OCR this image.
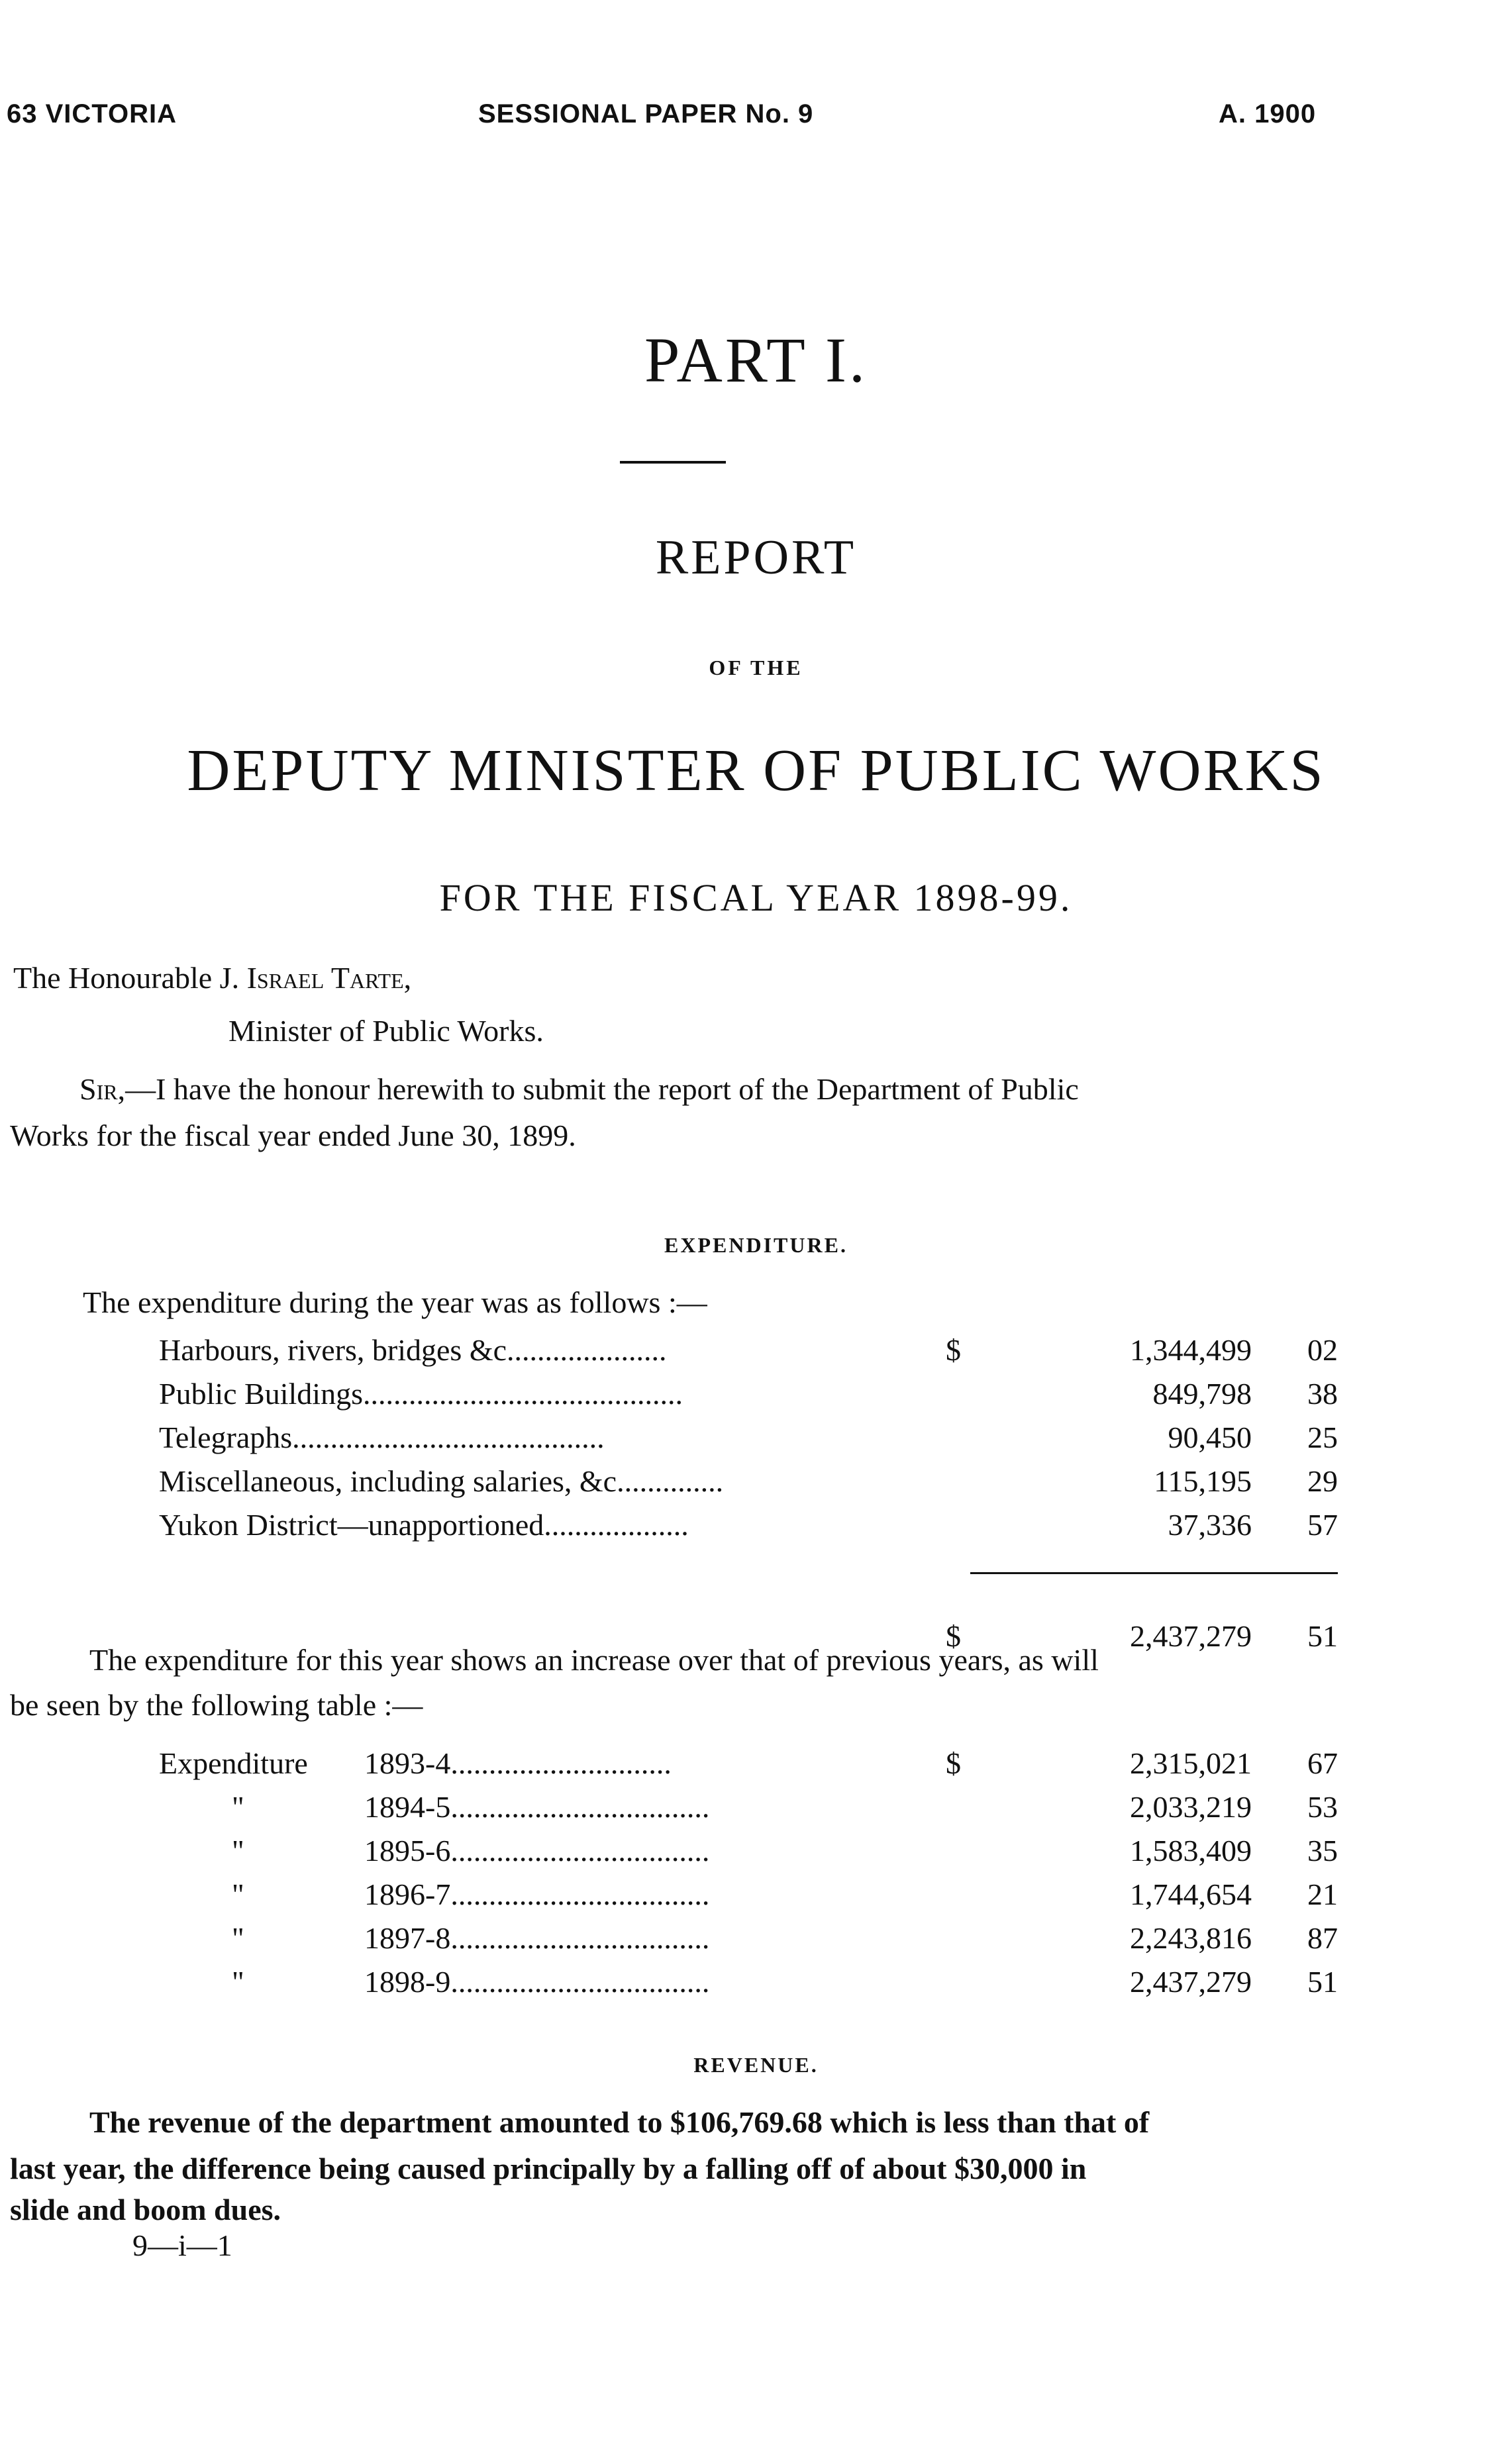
63 VICTORIA	SESSIONAL PAPER No. 9	A. 1900
PART I.
REPORT
OF THE
DEPUTY MINISTER OF PUBLIC WORKS
FOR THE FISCAL YEAR 1898-99.
The Honourable J. Israel Tarte,
Minister of Public Works.
Sir,—I have the honour herewith to submit the report of the Department of Public
Works for the fiscal year ended June 30, 1899.
EXPENDITURE.
The expenditure during the year was as follows :—
Harbours, rivers, bridges &c.....................	$	1,344,499	02
Public Buildings..........................................	849,798	38
Telegraphs.........................................	90,450	25
Miscellaneous, including salaries, &c..............	115,195	29
Yukon District—unapportioned...................	37,336	57
$	2,437,279	51
The expenditure for this year shows an increase over that of previous years, as will
be seen by the following table :—
Expenditure 1893-4.............................	$	2,315,021	67
"	1894-5..................................	2,033,219	53
"	1895-6..................................	1,583,409	35
"	1896-7..................................	1,744,654	21
"	1897-8..................................	2,243,816	87
"	1898-9..................................	2,437,279	51
REVENUE.
The revenue of the department amounted to $106,769.68 which is less than that of
last year, the difference being caused principally by a falling off of about $30,000 in
slide and boom dues.
9—i—1
